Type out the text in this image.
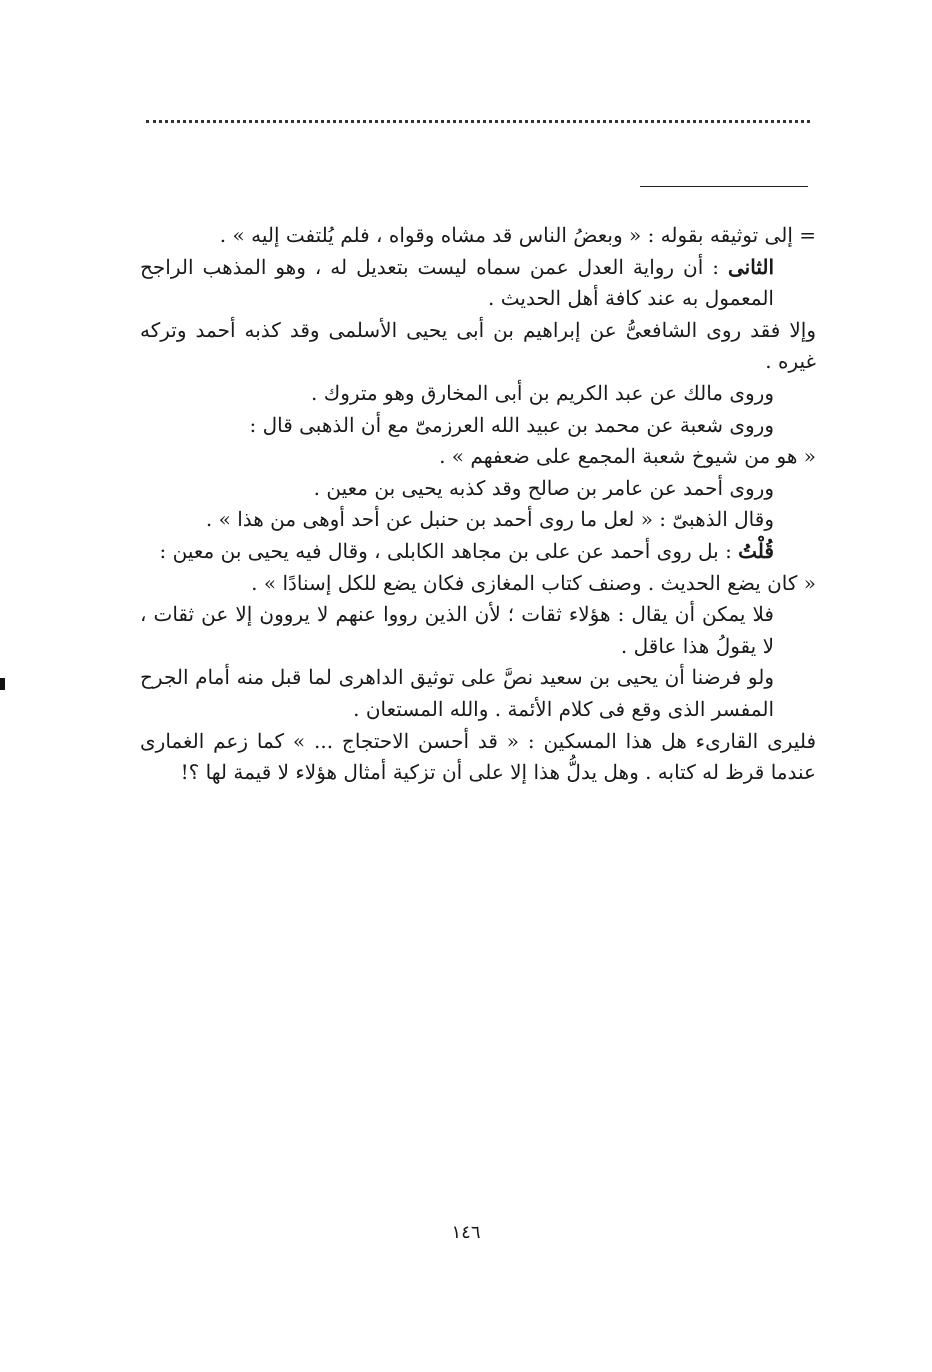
= إلى توثيقه بقوله : « وبعضُ الناس قد مشاه وقواه ، فلم يُلتفت إليه » .

الثانى : أن رواية العدل عمن سماه ليست بتعديل له ، وهو المذهب الراجح المعمول به عند كافة أهل الحديث .

وإلا فقد روى الشافعىُّ عن إبراهيم بن أبى يحيى الأسلمى وقد كذبه أحمد وتركه غيره .

وروى مالك عن عبد الكريم بن أبى المخارق وهو متروك .

وروى شعبة عن محمد بن عبيد الله العرزمىّ مع أن الذهبى قال :

« هو من شيوخ شعبة المجمع على ضعفهم » .

وروى أحمد عن عامر بن صالح وقد كذبه يحيى بن معين .

وقال الذهبىّ : « لعل ما روى أحمد بن حنبل عن أحد أوهى من هذا » .

قُلْتُ : بل روى أحمد عن على بن مجاهد الكابلى ، وقال فيه يحيى بن معين :

« كان يضع الحديث . وصنف كتاب المغازى فكان يضع للكل إسنادًا » .

فلا يمكن أن يقال : هؤلاء ثقات ؛ لأن الذين رووا عنهم لا يروون إلا عن ثقات ، لا يقولُ هذا عاقل .

ولو فرضنا أن يحيى بن سعيد نصَّ على توثيق الداهرى لما قبل منه أمام الجرح المفسر الذى وقع فى كلام الأئمة . والله المستعان .

فليرى القارىء هل هذا المسكين : « قد أحسن الاحتجاج ... » كما زعم الغمارى عندما قرظ له كتابه . وهل يدلُّ هذا إلا على أن تزكية أمثال هؤلاء لا قيمة لها ؟!

١٤٦
